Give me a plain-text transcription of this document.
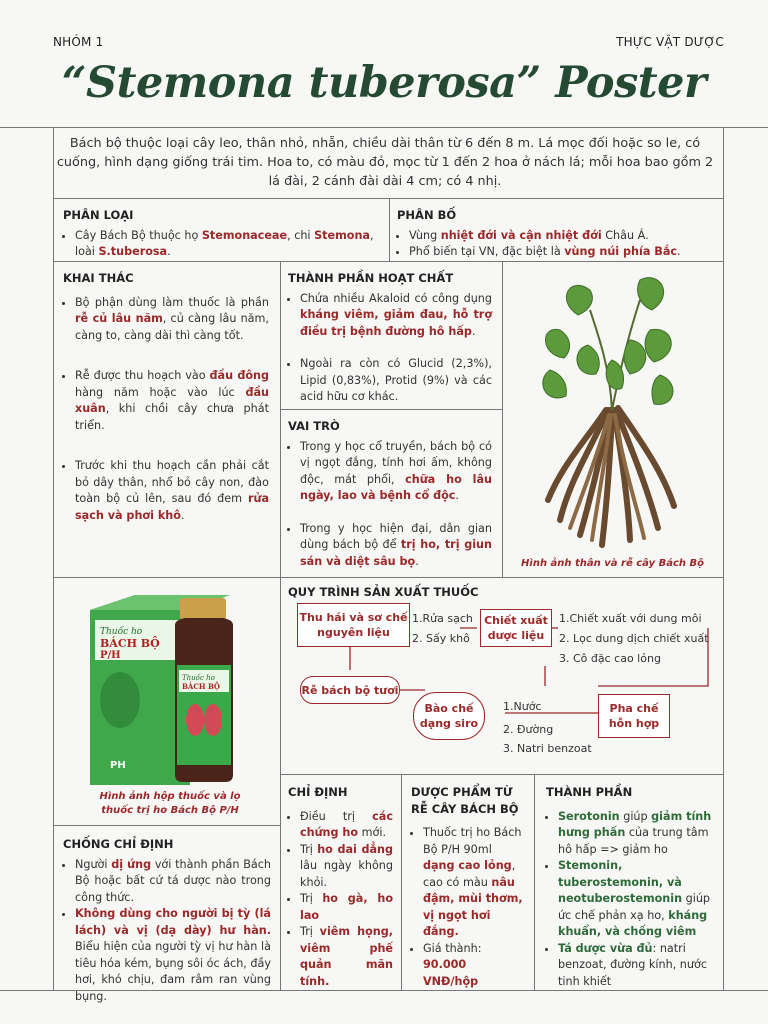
NHÓM 1	THỰC VẬT DƯỢC
“Stemona tuberosa” Poster
Bách bộ thuộc loại cây leo, thân nhỏ, nhẵn, chiều dài thân từ 6 đến 8 m. Lá mọc đối hoặc so le, có cuống, hình dạng giống trái tim. Hoa to, có màu đỏ, mọc từ 1 đến 2 hoa ở nách lá; mỗi hoa bao gồm 2 lá đài, 2 cánh đài dài 4 cm; có 4 nhị.
PHÂN LOẠI
• Cây Bách Bộ thuộc họ Stemonaceae, chi Stemona, loài S.tuberosa.
PHÂN BỐ
• Vùng nhiệt đới và cận nhiệt đới Châu Á.
• Phổ biến tại VN, đặc biệt là vùng núi phía Bắc.
KHAI THÁC
• Bộ phận dùng làm thuốc là phần rễ củ lâu năm, củ càng lâu năm, càng to, càng dài thì càng tốt.
• Rễ được thu hoạch vào đầu đông hàng năm hoặc vào lúc đầu xuân, khi chồi cây chưa phát triển.
• Trước khi thu hoạch cần phải cắt bỏ dây thân, nhổ bỏ cây non, đào toàn bộ củ lên, sau đó đem rửa sạch và phơi khô.
THÀNH PHẦN HOẠT CHẤT
• Chứa nhiều Akaloid có công dụng kháng viêm, giảm đau, hỗ trợ điều trị bệnh đường hô hấp.
• Ngoài ra còn có Glucid (2,3%), Lipid (0,83%), Protid (9%) và các acid hữu cơ khác.
VAI TRÒ
• Trong y học cổ truyền, bách bộ có vị ngọt đắng, tính hơi ấm, không độc, mát phổi, chữa ho lâu ngày, lao và bệnh cổ độc.
• Trong y học hiện đại, dân gian dùng bách bộ để trị ho, trị giun sán và diệt sâu bọ.	Hình ảnh thân và rễ cây Bách Bộ
Thuốc ho
BÁCH BỘ
P/H
Thuốc ho
BÁCH BỘ
PH
Hình ảnh hộp thuốc và lọ thuốc trị ho Bách Bộ P/H
QUY TRÌNH SẢN XUẤT THUỐC
Thu hái và sơ chế nguyên liệu
1.Rửa sạch
2. Sấy khô
Chiết xuất dược liệu
1.Chiết xuất với dung môi
2. Lọc dung dịch chiết xuất
3. Cô đặc cao lỏng
Rễ bách bộ tươi
Bào chế dạng siro
1.Nước
2. Đường
3. Natri benzoat
Pha chế hỗn hợp
CHỐNG CHỈ ĐỊNH
• Người dị ứng với thành phần Bách Bộ hoặc bất cứ tá dược nào trong công thức.
• Không dùng cho người bị tỳ (lá lách) và vị (dạ dày) hư hàn. Biểu hiện của người tỳ vị hư hàn là tiêu hóa kém, bụng sôi óc ách, đầy hơi, khó chịu, đam râm ran vùng bụng.
CHỈ ĐỊNH
• Điều trị các chứng ho mới.
• Trị ho dai dẳng lâu ngày không khỏi.
• Trị ho gà, ho lao
• Trị viêm họng, viêm phế quản mãn tính.
DƯỢC PHẨM TỪ RỄ CÂY BÁCH BỘ
• Thuốc trị ho Bách Bộ P/H 90ml dạng cao lỏng, cao có màu nâu đậm, mùi thơm, vị ngọt hơi đắng.
• Giá thành: 90.000 VNĐ/hộp
THÀNH PHẦN
• Serotonin giúp giảm tính hưng phấn của trung tâm hô hấp => giảm ho
• Stemonin, tuberostemonin, và neotuberostemonin giúp ức chế phản xạ ho, kháng khuẩn, và chống viêm
• Tá dược vừa đủ: natri benzoat, đường kính, nước tinh khiết
